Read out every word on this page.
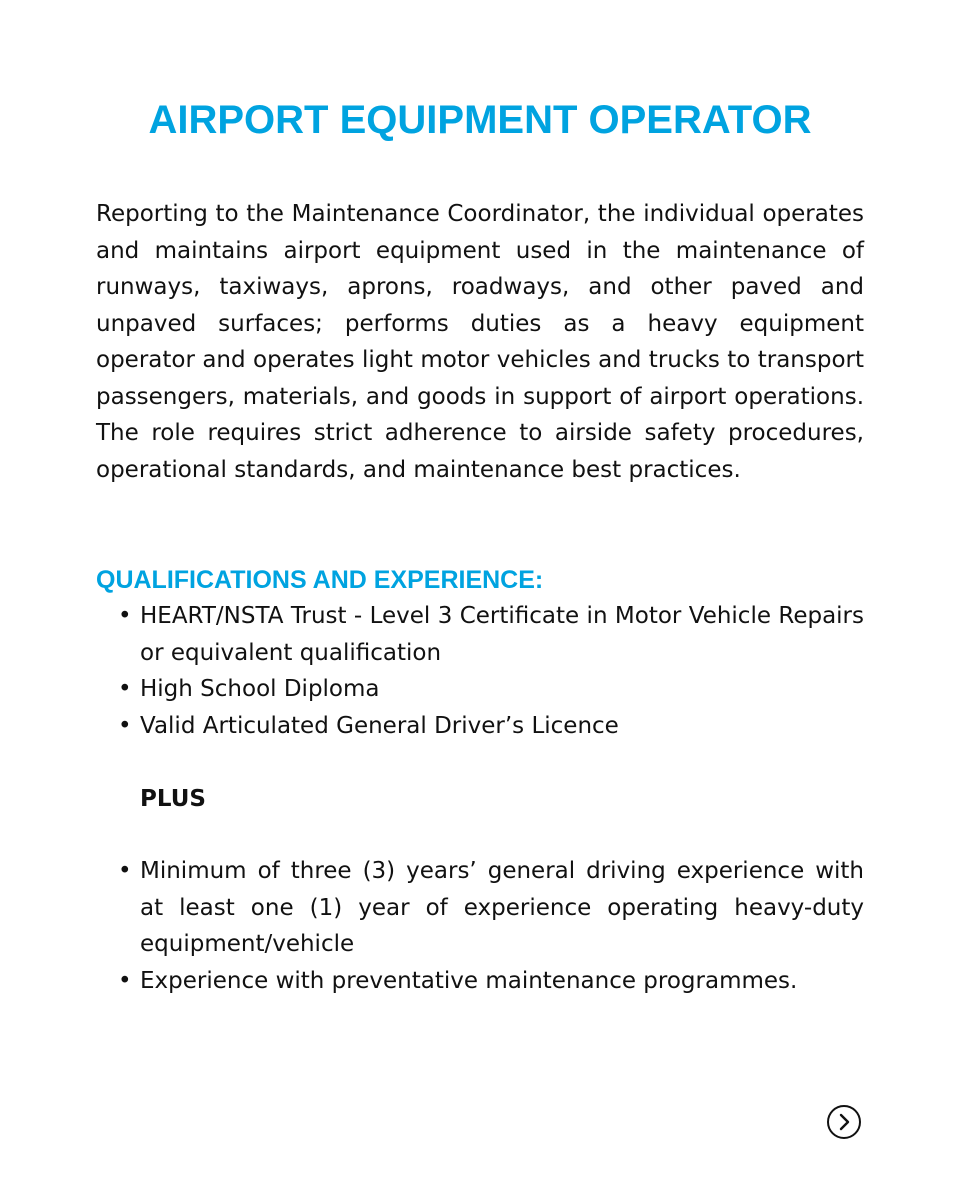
AIRPORT EQUIPMENT OPERATOR

Reporting to the Maintenance Coordinator, the individual operates and maintains airport equipment used in the maintenance of runways, taxiways, aprons, roadways, and other paved and unpaved surfaces; performs duties as a heavy equipment operator and operates light motor vehicles and trucks to transport passengers, materials, and goods in support of airport operations. The role requires strict adherence to airside safety procedures, operational standards, and maintenance best practices.

QUALIFICATIONS AND EXPERIENCE:
• HEART/NSTA Trust - Level 3 Certificate in Motor Vehicle Repairs or equivalent qualification
• High School Diploma
• Valid Articulated General Driver’s Licence

PLUS

• Minimum of three (3) years’ general driving experience with at least one (1) year of experience operating heavy-duty equipment/vehicle
• Experience with preventative maintenance programmes.
